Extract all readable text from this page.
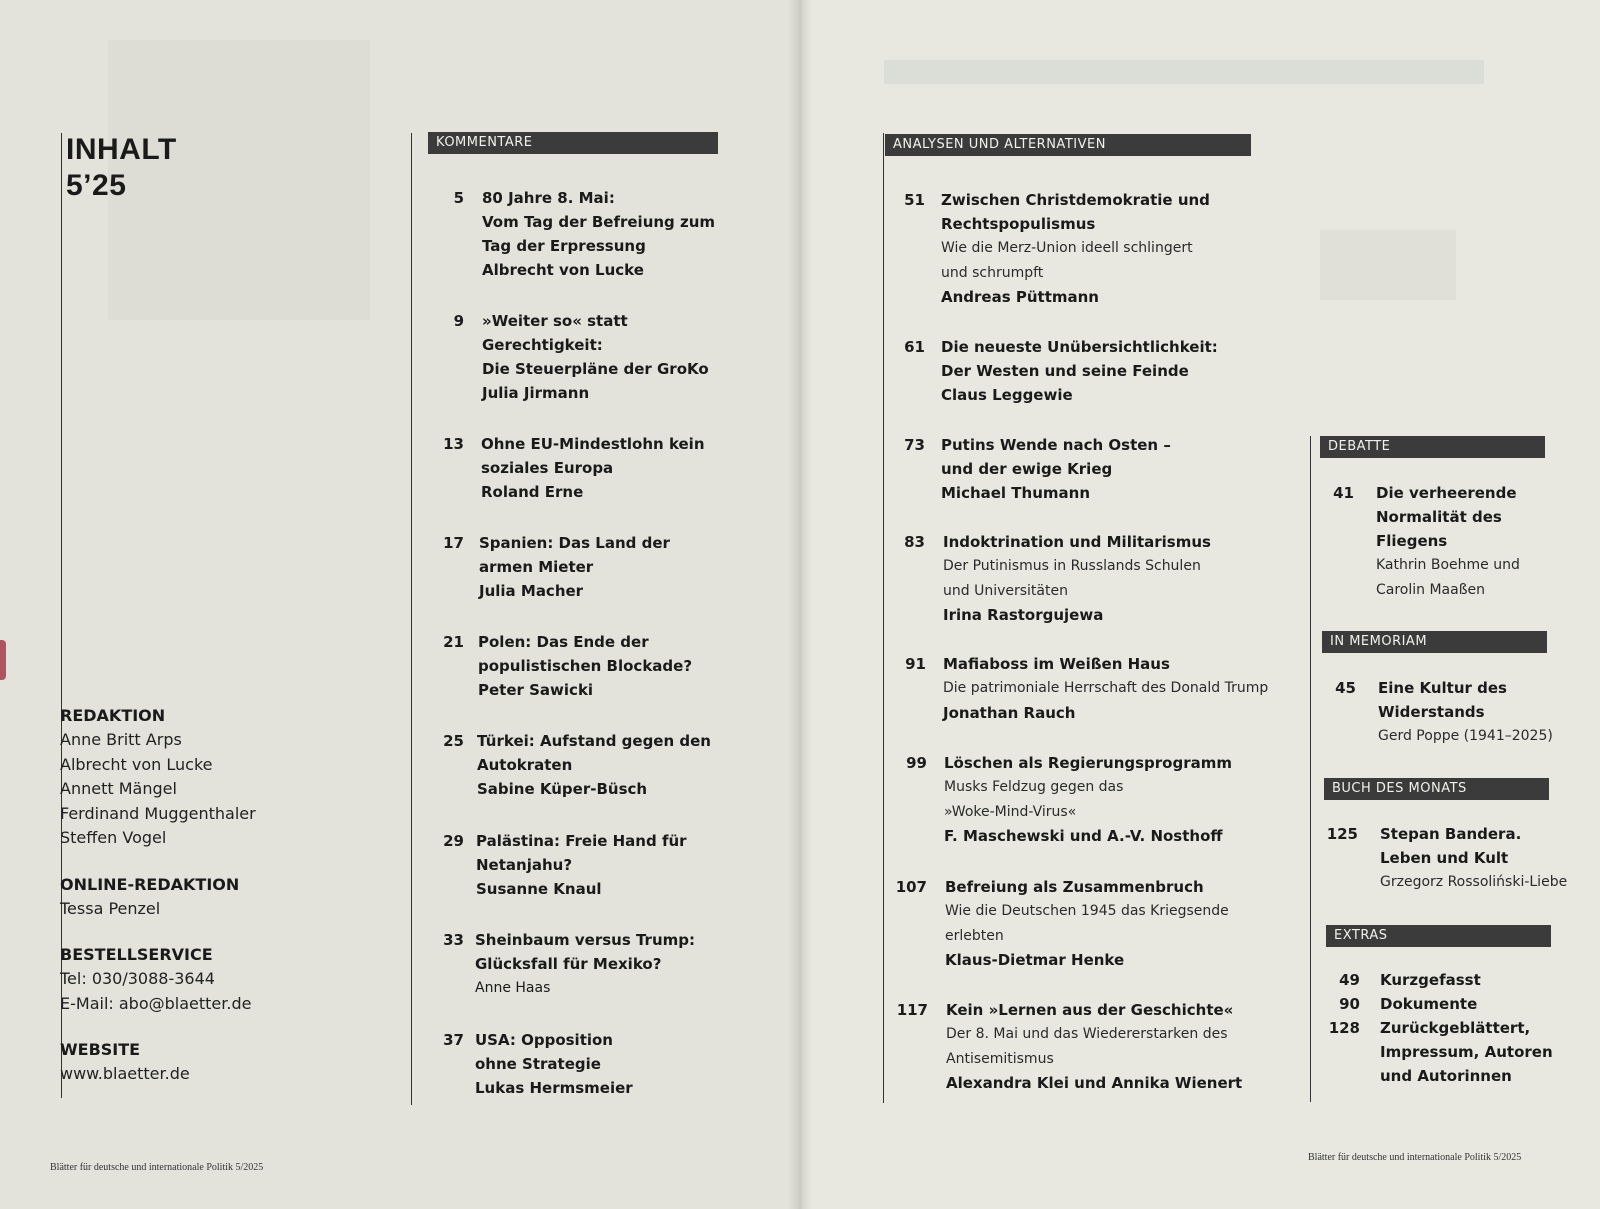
INHALT
5’25
REDAKTION
Anne Britt Arps
Albrecht von Lucke
Annett Mängel
Ferdinand Muggenthaler
Steffen Vogel
ONLINE-REDAKTION
Tessa Penzel
BESTELLSERVICE
Tel: 030/3088-3644
E-Mail: abo@blaetter.de
WEBSITE
www.blaetter.de
KOMMENTARE	ANALYSEN UND ALTERNATIVEN
DEBATTE
IN MEMORIAM
BUCH DES MONATS
EXTRAS
5 80 Jahre 8. Mai:
Vom Tag der Befreiung zum
Tag der Erpressung
Albrecht von Lucke
9 »Weiter so« statt
Gerechtigkeit:
Die Steuerpläne der GroKo
Julia Jirmann
13 Ohne EU-Mindestlohn kein
soziales Europa
Roland Erne
17 Spanien: Das Land der
armen Mieter
Julia Macher
21 Polen: Das Ende der
populistischen Blockade?
Peter Sawicki
25 Türkei: Aufstand gegen den
Autokraten
Sabine Küper-Büsch
29 Palästina: Freie Hand für
Netanjahu?
Susanne Knaul
33 Sheinbaum versus Trump:
Glücksfall für Mexiko?
Anne Haas
37 USA: Opposition
ohne Strategie
Lukas Hermsmeier
51 Zwischen Christdemokratie und
Rechtspopulismus
Wie die Merz-Union ideell schlingert
und schrumpft
Andreas Püttmann
61 Die neueste Unübersichtlichkeit:
Der Westen und seine Feinde
Claus Leggewie
73 Putins Wende nach Osten –
und der ewige Krieg
Michael Thumann
83 Indoktrination und Militarismus
Der Putinismus in Russlands Schulen
und Universitäten
Irina Rastorgujewa
91 Mafiaboss im Weißen Haus
Die patrimoniale Herrschaft des Donald Trump
Jonathan Rauch
99 Löschen als Regierungsprogramm
Musks Feldzug gegen das
»Woke-Mind-Virus«
F. Maschewski und A.-V. Nosthoff
107 Befreiung als Zusammenbruch
Wie die Deutschen 1945 das Kriegsende
erlebten
Klaus-Dietmar Henke
117 Kein »Lernen aus der Geschichte«
Der 8. Mai und das Wiedererstarken des
Antisemitismus
Alexandra Klei und Annika Wienert
41 Die verheerende
Normalität des
Fliegens
Kathrin Boehme und
Carolin Maaßen
45 Eine Kultur des
Widerstands
Gerd Poppe (1941–2025)
125 Stepan Bandera.
Leben und Kult
Grzegorz Rossoliński-Liebe
49 Kurzgefasst
90 Dokumente
128 Zurückgeblättert,
Impressum, Autoren
und Autorinnen
Blätter für deutsche und internationale Politik 5/2025
Blätter für deutsche und internationale Politik 5/2025
